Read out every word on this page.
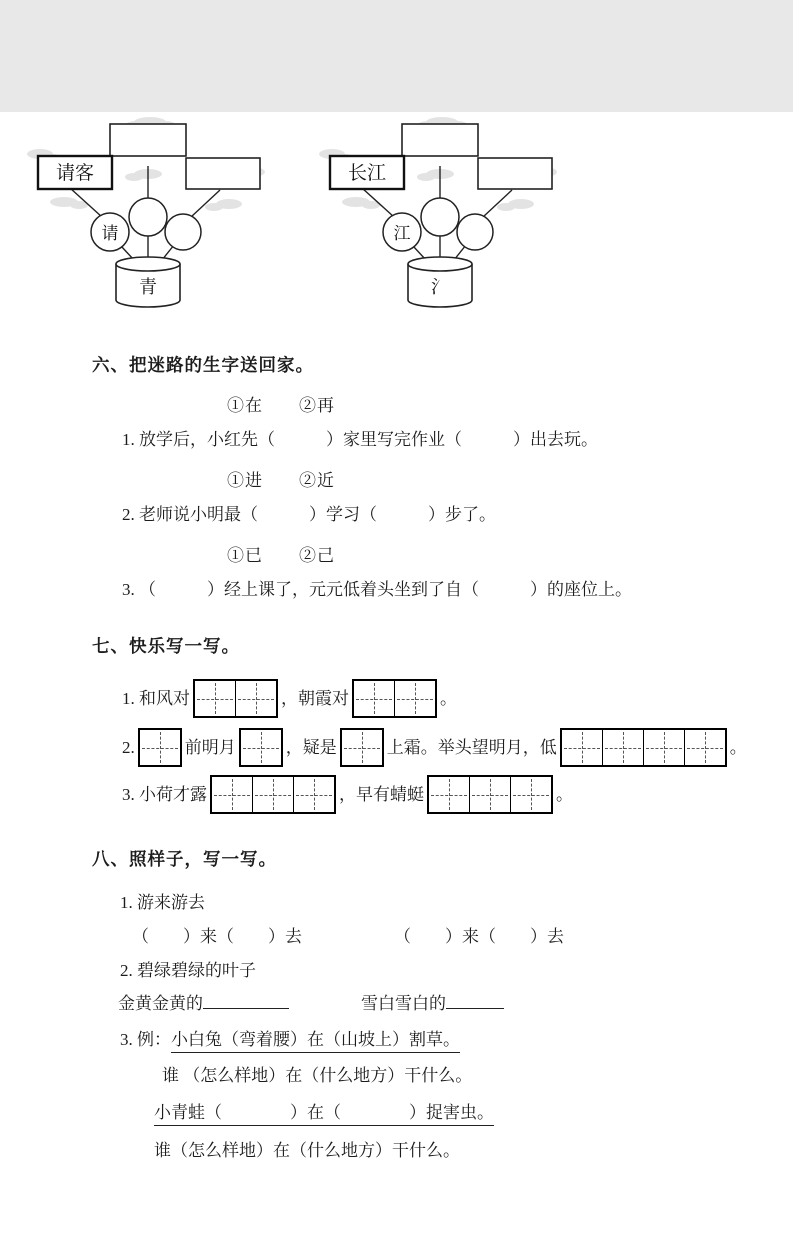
请客
请
青
长江
江
氵
六、把迷路的生字送回家。
①在　　②再
1. 放学后，小红先（　　　）家里写完作业（　　　）出去玩。
①进　　②近
2. 老师说小明最（　　　）学习（　　　）步了。
①已　　②己
3. （　　　）经上课了，元元低着头坐到了自（　　　）的座位上。
七、快乐写一写。
1. 和风对	，朝霞对	。
2.	前明月	，疑是	上霜。举头望明月，低	。
3. 小荷才露	，早有蜻蜓	。
八、照样子，写一写。
1. 游来游去
（　　）来（　　）去	（　　）来（　　）去
2. 碧绿碧绿的叶子
金黄金黄的	雪白雪白的
3. 例：小白兔（弯着腰）在（山坡上）割草。
谁 （怎么样地）在（什么地方）干什么。
小青蛙（　　　　）在（　　　　）捉害虫。
谁（怎么样地）在（什么地方）干什么。
